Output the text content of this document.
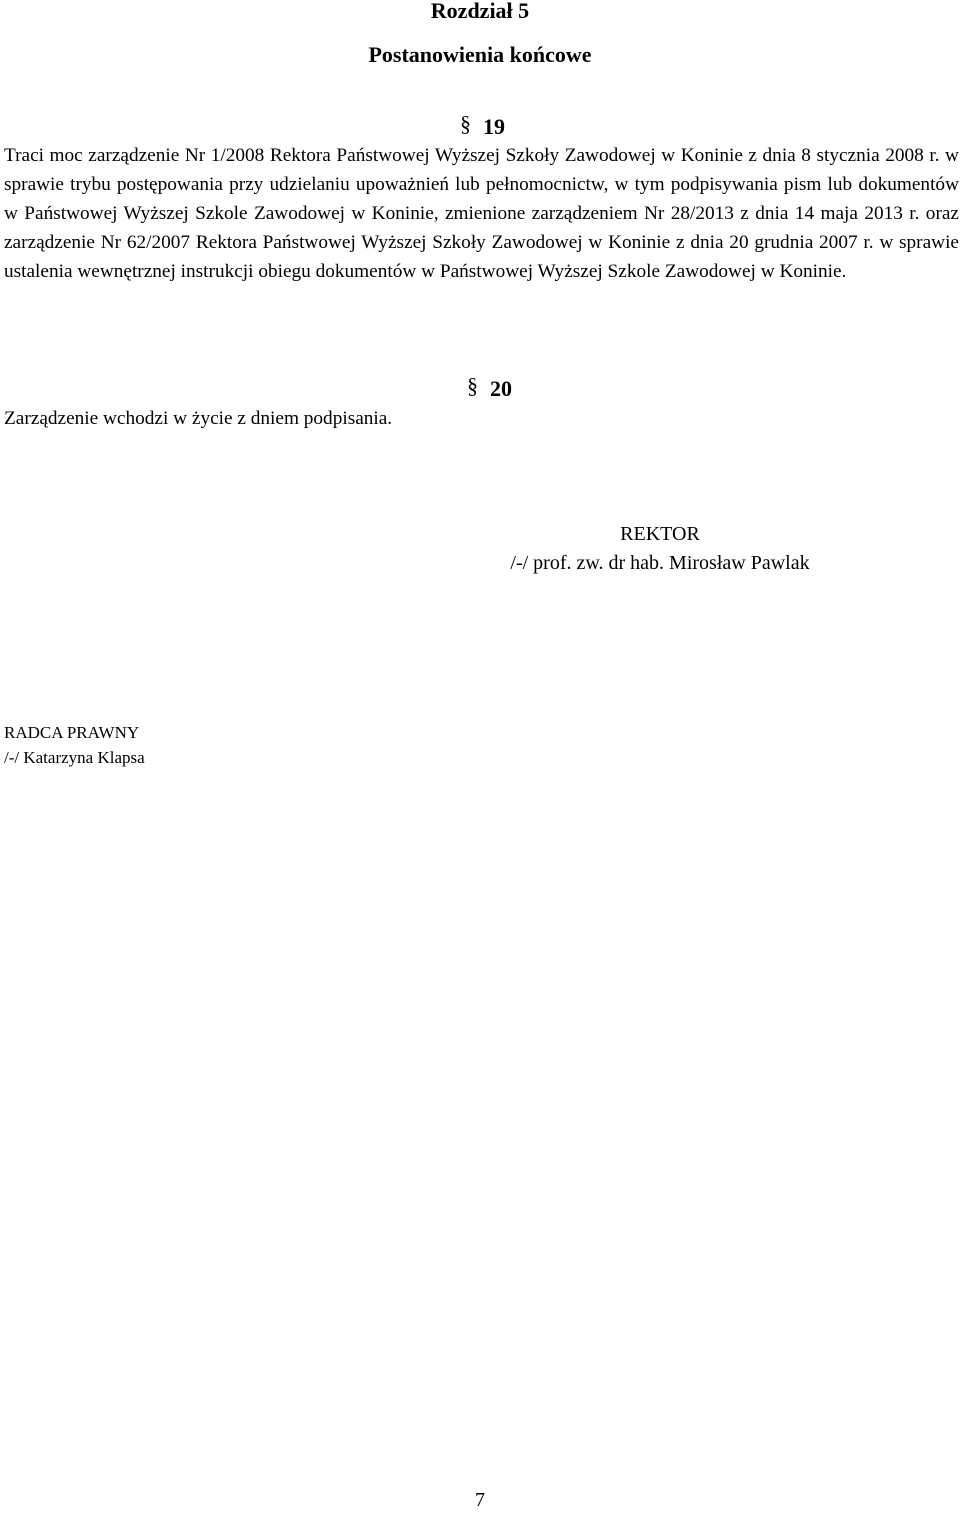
Rozdział 5
Postanowienia końcowe
§ 19
Traci moc zarządzenie Nr 1/2008 Rektora Państwowej Wyższej Szkoły Zawodowej w Koninie z dnia 8 stycznia 2008 r. w sprawie trybu postępowania przy udzielaniu upoważnień lub pełnomocnictw, w tym podpisywania pism lub dokumentów w Państwowej Wyższej Szkole Zawodowej w Koninie, zmienione zarządzeniem Nr 28/2013 z dnia 14 maja 2013 r. oraz zarządzenie Nr 62/2007 Rektora Państwowej Wyższej Szkoły Zawodowej w Koninie z dnia 20 grudnia 2007 r. w sprawie ustalenia wewnętrznej instrukcji obiegu dokumentów w Państwowej Wyższej Szkole Zawodowej w Koninie.
§ 20
Zarządzenie wchodzi w życie z dniem podpisania.
REKTOR
/-/ prof. zw. dr hab. Mirosław Pawlak
RADCA PRAWNY
/-/ Katarzyna Klapsa
7
